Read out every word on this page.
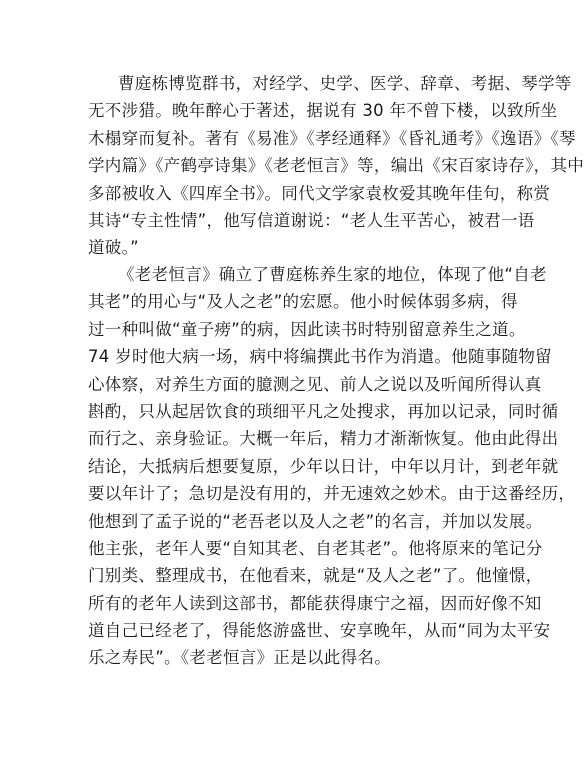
曹庭栋博览群书，对经学、史学、医学、辞章、考据、琴学等
无不涉猎。晚年醉心于著述，据说有 30 年不曾下楼，以致所坐
木榻穿而复补。著有《易准》《孝经通释》《昏礼通考》《逸语》《琴
学内篇》《产鹤亭诗集》《老老恒言》等，编出《宋百家诗存》，其中
多部被收入《四库全书》。同代文学家袁枚爱其晚年佳句，称赏
其诗“专主性情”，他写信道谢说：“老人生平苦心，被君一语
道破。”
《老老恒言》确立了曹庭栋养生家的地位，体现了他“自老
其老”的用心与“及人之老”的宏愿。他小时候体弱多病，得
过一种叫做“童子痨”的病，因此读书时特别留意养生之道。
74 岁时他大病一场，病中将编撰此书作为消遣。他随事随物留
心体察，对养生方面的臆测之见、前人之说以及听闻所得认真
斟酌，只从起居饮食的琐细平凡之处搜求，再加以记录，同时循
而行之、亲身验证。大概一年后，精力才渐渐恢复。他由此得出
结论，大抵病后想要复原，少年以日计，中年以月计，到老年就
要以年计了；急切是没有用的，并无速效之妙术。由于这番经历，
他想到了孟子说的“老吾老以及人之老”的名言，并加以发展。
他主张，老年人要“自知其老、自老其老”。他将原来的笔记分
门别类、整理成书，在他看来，就是“及人之老”了。他憧憬，
所有的老年人读到这部书，都能获得康宁之福，因而好像不知
道自己已经老了，得能悠游盛世、安享晚年，从而“同为太平安
乐之寿民”。《老老恒言》正是以此得名。
